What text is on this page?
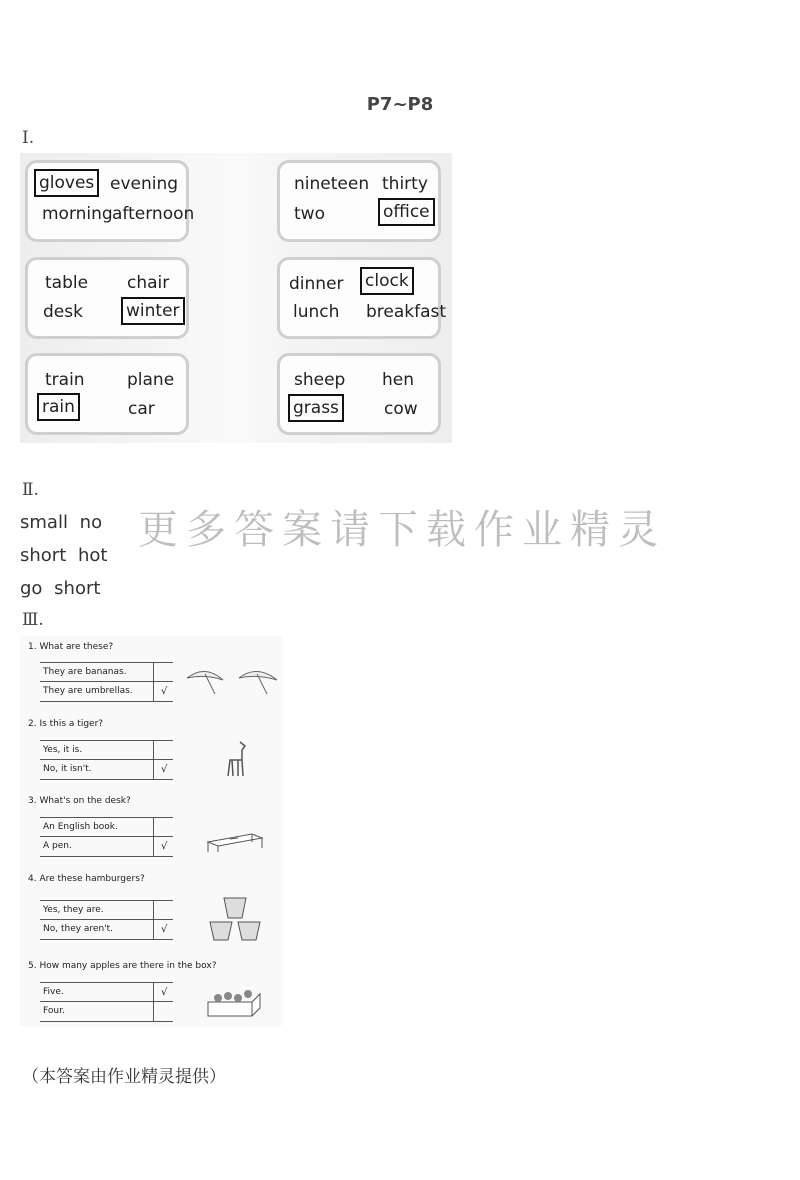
P7~P8
Ⅰ.
gloves evening
morning afternoon
nineteen thirty
two	office
table chair
desk	winter
dinner clock
lunch breakfast
train plane
rain	car
sheep hen
grass	cow
Ⅱ.
small no
short hot
go short
更多答案请下载作业精灵
Ⅲ.
1. What are these?
They are bananas.
They are umbrellas.	√
2. Is this a tiger?
Yes, it is.
No, it isn't.	√
3. What's on the desk?
An English book.
A pen.	√
4. Are these hamburgers?
Yes, they are.
No, they aren't.	√
5. How many apples are there in the box?
Five.	√
Four.
（本答案由作业精灵提供）
